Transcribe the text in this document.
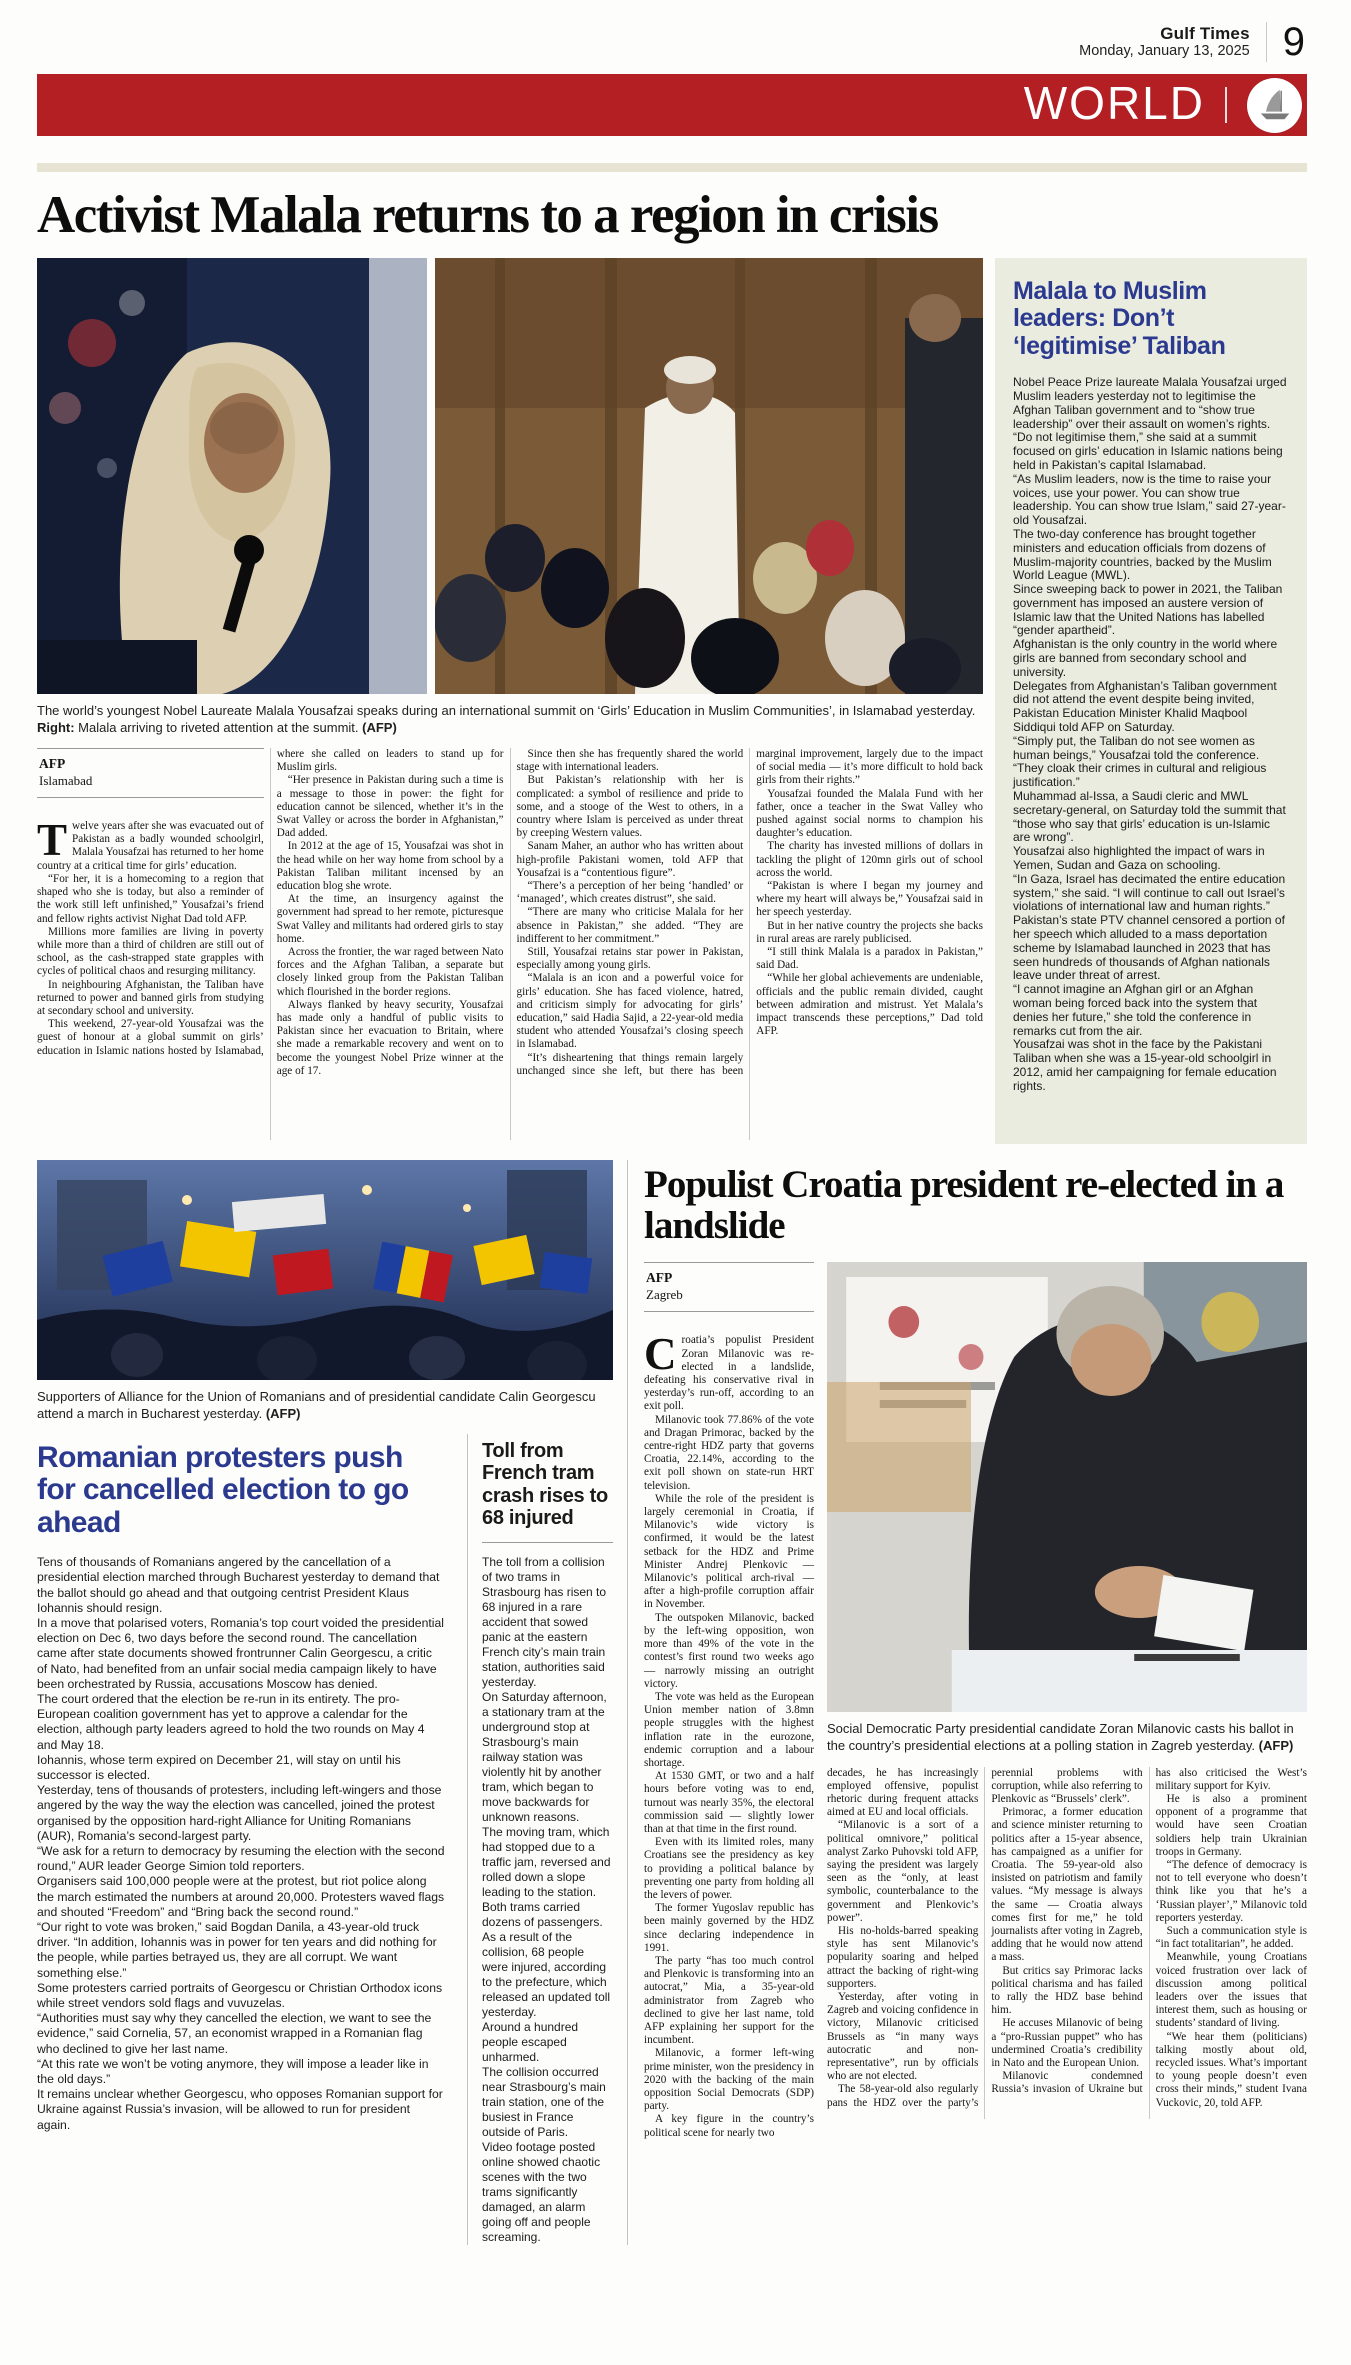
Gulf Times
Monday, January 13, 2025 9
WORLD
Activist Malala returns to a region in crisis

The world’s youngest Nobel Laureate Malala Yousafzai speaks during an international summit on ‘Girls’ Education in Muslim Communities’, in Islamabad yesterday. Right: Malala arriving to riveted attention at the summit. (AFP)

AFP
Islamabad

Twelve years after she was evacuated out of Pakistan as a badly wounded schoolgirl, Malala Yousafzai has returned to her home country at a critical time for girls’ education.

“For her, it is a homecoming to a region that shaped who she is today, but also a reminder of the work still left unfinished,” Yousafzai’s friend and fellow rights activist Nighat Dad told AFP.

Millions more families are living in poverty while more than a third of children are still out of school, as the cash-strapped state grapples with cycles of political chaos and resurging militancy.

In neighbouring Afghanistan, the Taliban have returned to power and banned girls from studying at secondary school and university.

This weekend, 27-year-old Yousafzai was the guest of honour at a global summit on girls’ education in Islamic nations hosted by Islamabad, where she called on leaders to stand up for Muslim girls.

“Her presence in Pakistan during such a time is a message to those in power: the fight for education cannot be silenced, whether it’s in the Swat Valley or across the border in Afghanistan,” Dad added.

In 2012 at the age of 15, Yousafzai was shot in the head while on her way home from school by a Pakistan Taliban militant incensed by an education blog she wrote.

At the time, an insurgency against the government had spread to her remote, picturesque Swat Valley and militants had ordered girls to stay home.

Across the frontier, the war raged between Nato forces and the Afghan Taliban, a separate but closely linked group from the Pakistan Taliban which flourished in the border regions.

Always flanked by heavy security, Yousafzai has made only a handful of public visits to Pakistan since her evacuation to Britain, where she made a remarkable recovery and went on to become the youngest Nobel Prize winner at the age of 17.

Since then she has frequently shared the world stage with international leaders.

But Pakistan’s relationship with her is complicated: a symbol of resilience and pride to some, and a stooge of the West to others, in a country where Islam is perceived as under threat by creeping Western values.

Sanam Maher, an author who has written about high-profile Pakistani women, told AFP that Yousafzai is a “contentious figure”.

“There’s a perception of her being ‘handled’ or ‘managed’, which creates distrust”, she said.

“There are many who criticise Malala for her absence in Pakistan,” she added. “They are indifferent to her commitment.”

Still, Yousafzai retains star power in Pakistan, especially among young girls.

“Malala is an icon and a powerful voice for girls’ education. She has faced violence, hatred, and criticism simply for advocating for girls’ education,” said Hadia Sajid, a 22-year-old media student who attended Yousafzai’s closing speech in Islamabad.

“It’s disheartening that things remain largely unchanged since she left, but there has been marginal improvement, largely due to the impact of social media — it’s more difficult to hold back girls from their rights.”

Yousafzai founded the Malala Fund with her father, once a teacher in the Swat Valley who pushed against social norms to champion his daughter’s education.

The charity has invested millions of dollars in tackling the plight of 120mn girls out of school across the world.

“Pakistan is where I began my journey and where my heart will always be,” Yousafzai said in her speech yesterday.

But in her native country the projects she backs in rural areas are rarely publicised.

“I still think Malala is a paradox in Pakistan,” said Dad.

“While her global achievements are undeniable, officials and the public remain divided, caught between admiration and mistrust. Yet Malala’s impact transcends these perceptions,” Dad told AFP.

Malala to Muslim leaders: Don’t ‘legitimise’ Taliban

Nobel Peace Prize laureate Malala Yousafzai urged Muslim leaders yesterday not to legitimise the Afghan Taliban government and to “show true leadership” over their assault on women’s rights.

“Do not legitimise them,” she said at a summit focused on girls’ education in Islamic nations being held in Pakistan’s capital Islamabad.

“As Muslim leaders, now is the time to raise your voices, use your power. You can show true leadership. You can show true Islam,” said 27-year-old Yousafzai.

The two-day conference has brought together ministers and education officials from dozens of Muslim-majority countries, backed by the Muslim World League (MWL).

Since sweeping back to power in 2021, the Taliban government has imposed an austere version of Islamic law that the United Nations has labelled “gender apartheid”.

Afghanistan is the only country in the world where girls are banned from secondary school and university.

Delegates from Afghanistan’s Taliban government did not attend the event despite being invited, Pakistan Education Minister Khalid Maqbool Siddiqui told AFP on Saturday.

“Simply put, the Taliban do not see women as human beings,” Yousafzai told the conference. “They cloak their crimes in cultural and religious justification.”

Muhammad al-Issa, a Saudi cleric and MWL secretary-general, on Saturday told the summit that “those who say that girls’ education is un-Islamic are wrong”.

Yousafzai also highlighted the impact of wars in Yemen, Sudan and Gaza on schooling.

“In Gaza, Israel has decimated the entire education system,” she said. “I will continue to call out Israel’s violations of international law and human rights.”

Pakistan’s state PTV channel censored a portion of her speech which alluded to a mass deportation scheme by Islamabad launched in 2023 that has seen hundreds of thousands of Afghan nationals leave under threat of arrest.

“I cannot imagine an Afghan girl or an Afghan woman being forced back into the system that denies her future,” she told the conference in remarks cut from the air.

Yousafzai was shot in the face by the Pakistani Taliban when she was a 15-year-old schoolgirl in 2012, amid her campaigning for female education rights.

Supporters of Alliance for the Union of Romanians and of presidential candidate Calin Georgescu attend a march in Bucharest yesterday. (AFP)

Romanian protesters push for cancelled election to go ahead

Tens of thousands of Romanians angered by the cancellation of a presidential election marched through Bucharest yesterday to demand that the ballot should go ahead and that outgoing centrist President Klaus Iohannis should resign.

In a move that polarised voters, Romania’s top court voided the presidential election on Dec 6, two days before the second round. The cancellation came after state documents showed frontrunner Calin Georgescu, a critic of Nato, had benefited from an unfair social media campaign likely to have been orchestrated by Russia, accusations Moscow has denied.

The court ordered that the election be re-run in its entirety. The pro-European coalition government has yet to approve a calendar for the election, although party leaders agreed to hold the two rounds on May 4 and May 18.

Iohannis, whose term expired on December 21, will stay on until his successor is elected.

Yesterday, tens of thousands of protesters, including left-wingers and those angered by the way the way the election was cancelled, joined the protest organised by the opposition hard-right Alliance for Uniting Romanians (AUR), Romania’s second-largest party.

“We ask for a return to democracy by resuming the election with the second round,” AUR leader George Simion told reporters.

Organisers said 100,000 people were at the protest, but riot police along the march estimated the numbers at around 20,000. Protesters waved flags and shouted “Freedom” and “Bring back the second round.”

“Our right to vote was broken,” said Bogdan Danila, a 43-year-old truck driver. “In addition, Iohannis was in power for ten years and did nothing for the people, while parties betrayed us, they are all corrupt. We want something else.”

Some protesters carried portraits of Georgescu or Christian Orthodox icons while street vendors sold flags and vuvuzelas.

“Authorities must say why they cancelled the election, we want to see the evidence,” said Cornelia, 57, an economist wrapped in a Romanian flag who declined to give her last name.

“At this rate we won’t be voting anymore, they will impose a leader like in the old days.”

It remains unclear whether Georgescu, who opposes Romanian support for Ukraine against Russia’s invasion, will be allowed to run for president again.

Toll from French tram crash rises to 68 injured

The toll from a collision of two trams in Strasbourg has risen to 68 injured in a rare accident that sowed panic at the eastern French city’s main train station, authorities said yesterday.

On Saturday afternoon, a stationary tram at the underground stop at Strasbourg’s main railway station was violently hit by another tram, which began to move backwards for unknown reasons.

The moving tram, which had stopped due to a traffic jam, reversed and rolled down a slope leading to the station.

Both trams carried dozens of passengers.

As a result of the collision, 68 people were injured, according to the prefecture, which released an updated toll yesterday.

Around a hundred people escaped unharmed.

The collision occurred near Strasbourg’s main train station, one of the busiest in France outside of Paris.

Video footage posted online showed chaotic scenes with the two trams significantly damaged, an alarm going off and people screaming.

Populist Croatia president re-elected in a landslide
AFP
Zagreb

Croatia’s populist President Zoran Milanovic was re-elected in a landslide, defeating his conservative rival in yesterday’s run-off, according to an exit poll.

Milanovic took 77.86% of the vote and Dragan Primorac, backed by the centre-right HDZ party that governs Croatia, 22.14%, according to the exit poll shown on state-run HRT television.

While the role of the president is largely ceremonial in Croatia, if Milanovic’s wide victory is confirmed, it would be the latest setback for the HDZ and Prime Minister Andrej Plenkovic — Milanovic’s political arch-rival — after a high-profile corruption affair in November.

The outspoken Milanovic, backed by the left-wing opposition, won more than 49% of the vote in the contest’s first round two weeks ago — narrowly missing an outright victory.

The vote was held as the European Union member nation of 3.8mn people struggles with the highest inflation rate in the eurozone, endemic corruption and a labour shortage.

At 1530 GMT, or two and a half hours before voting was to end, turnout was nearly 35%, the electoral commission said — slightly lower than at that time in the first round.

Even with its limited roles, many Croatians see the presidency as key to providing a political balance by preventing one party from holding all the levers of power.

The former Yugoslav republic has been mainly governed by the HDZ since declaring independence in 1991.

The party “has too much control and Plenkovic is transforming into an autocrat,” Mia, a 35-year-old administrator from Zagreb who declined to give her last name, told AFP explaining her support for the incumbent.

Milanovic, a former left-wing prime minister, won the presidency in 2020 with the backing of the main opposition Social Democrats (SDP) party.

A key figure in the country’s political scene for nearly two

Social Democratic Party presidential candidate Zoran Milanovic casts his ballot in the country’s presidential elections at a polling station in Zagreb yesterday. (AFP)

decades, he has increasingly employed offensive, populist rhetoric during frequent attacks aimed at EU and local officials.

“Milanovic is a sort of a political omnivore,” political analyst Zarko Puhovski told AFP, saying the president was largely seen as the “only, at least symbolic, counterbalance to the government and Plenkovic’s power”.

His no-holds-barred speaking style has sent Milanovic’s popularity soaring and helped attract the backing of right-wing supporters.

Yesterday, after voting in Zagreb and voicing confidence in victory, Milanovic criticised Brussels as “in many ways autocratic and non-representative”, run by officials who are not elected.

The 58-year-old also regularly pans the HDZ over the party’s perennial problems with corruption, while also referring to Plenkovic as “Brussels’ clerk”.

Primorac, a former education and science minister returning to politics after a 15-year absence, has campaigned as a unifier for Croatia. The 59-year-old also insisted on patriotism and family values. “My message is always the same — Croatia always comes first for me,” he told journalists after voting in Zagreb, adding that he would now attend a mass.

But critics say Primorac lacks political charisma and has failed to rally the HDZ base behind him.

He accuses Milanovic of being a “pro-Russian puppet” who has undermined Croatia’s credibility in Nato and the European Union.

Milanovic condemned Russia’s invasion of Ukraine but has also criticised the West’s military support for Kyiv.

He is also a prominent opponent of a programme that would have seen Croatian soldiers help train Ukrainian troops in Germany.

“The defence of democracy is not to tell everyone who doesn’t think like you that he’s a ‘Russian player’,” Milanovic told reporters yesterday.

Such a communication style is “in fact totalitarian”, he added.

Meanwhile, young Croatians voiced frustration over lack of discussion among political leaders over the issues that interest them, such as housing or students’ standard of living.

“We hear them (politicians) talking mostly about old, recycled issues. What’s important to young people doesn’t even cross their minds,” student Ivana Vuckovic, 20, told AFP.
